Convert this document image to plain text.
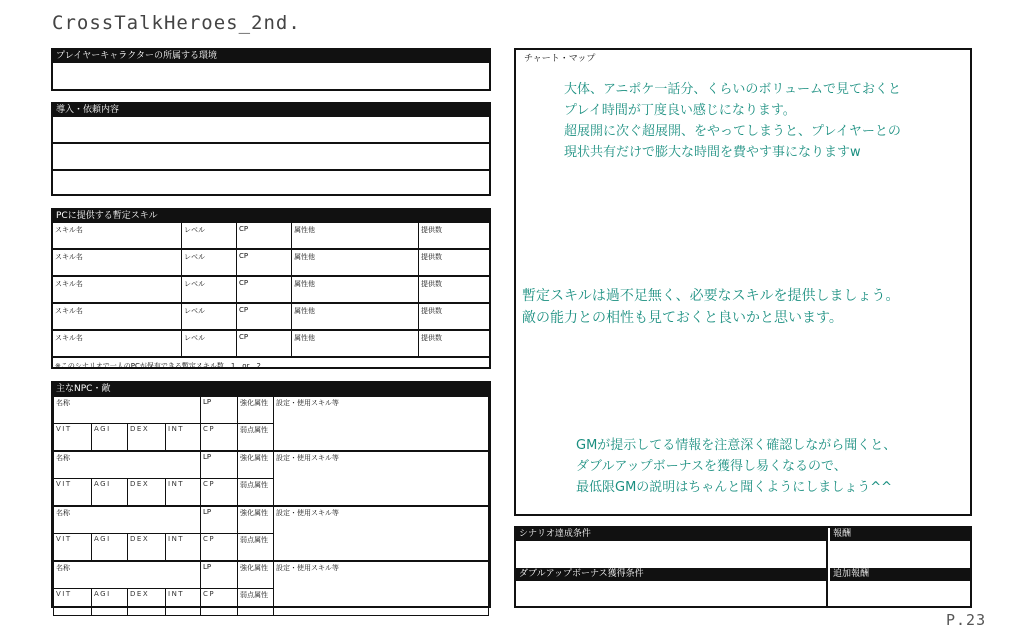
CrossTalkHeroes_2nd.
P.23
プレイヤーキャラクターの所属する環境
導入・依頼内容
PCに提供する暫定スキル
スキル名	レベル	CP	属性他	提供数
スキル名	レベル	CP	属性他	提供数
スキル名	レベル	CP	属性他	提供数
スキル名	レベル	CP	属性他	提供数
スキル名	レベル	CP	属性他	提供数
※このシナリオで一人のPCが保有できる暫定スキル数　1　or　2
主なNPC・敵
名称				LP	強化属性	設定・使用スキル等
VIT	AGI	DEX	INT	CP	弱点属性	
名称				LP	強化属性	設定・使用スキル等
VIT	AGI	DEX	INT	CP	弱点属性	
名称				LP	強化属性	設定・使用スキル等
VIT	AGI	DEX	INT	CP	弱点属性	
名称				LP	強化属性	設定・使用スキル等
VIT	AGI	DEX	INT	CP	弱点属性	
チャート・マップ
大体、アニポケ一話分、くらいのボリュームで見ておくと
プレイ時間が丁度良い感じになります。
超展開に次ぐ超展開、をやってしまうと、プレイヤーとの
現状共有だけで膨大な時間を費やす事になりますw
暫定スキルは過不足無く、必要なスキルを提供しましょう。
敵の能力との相性も見ておくと良いかと思います。
GMが提示してる情報を注意深く確認しながら聞くと、
ダブルアップボーナスを獲得し易くなるので、
最低限GMの説明はちゃんと聞くようにしましょう^^
シナリオ達成条件	報酬
ダブルアップボーナス獲得条件	追加報酬
